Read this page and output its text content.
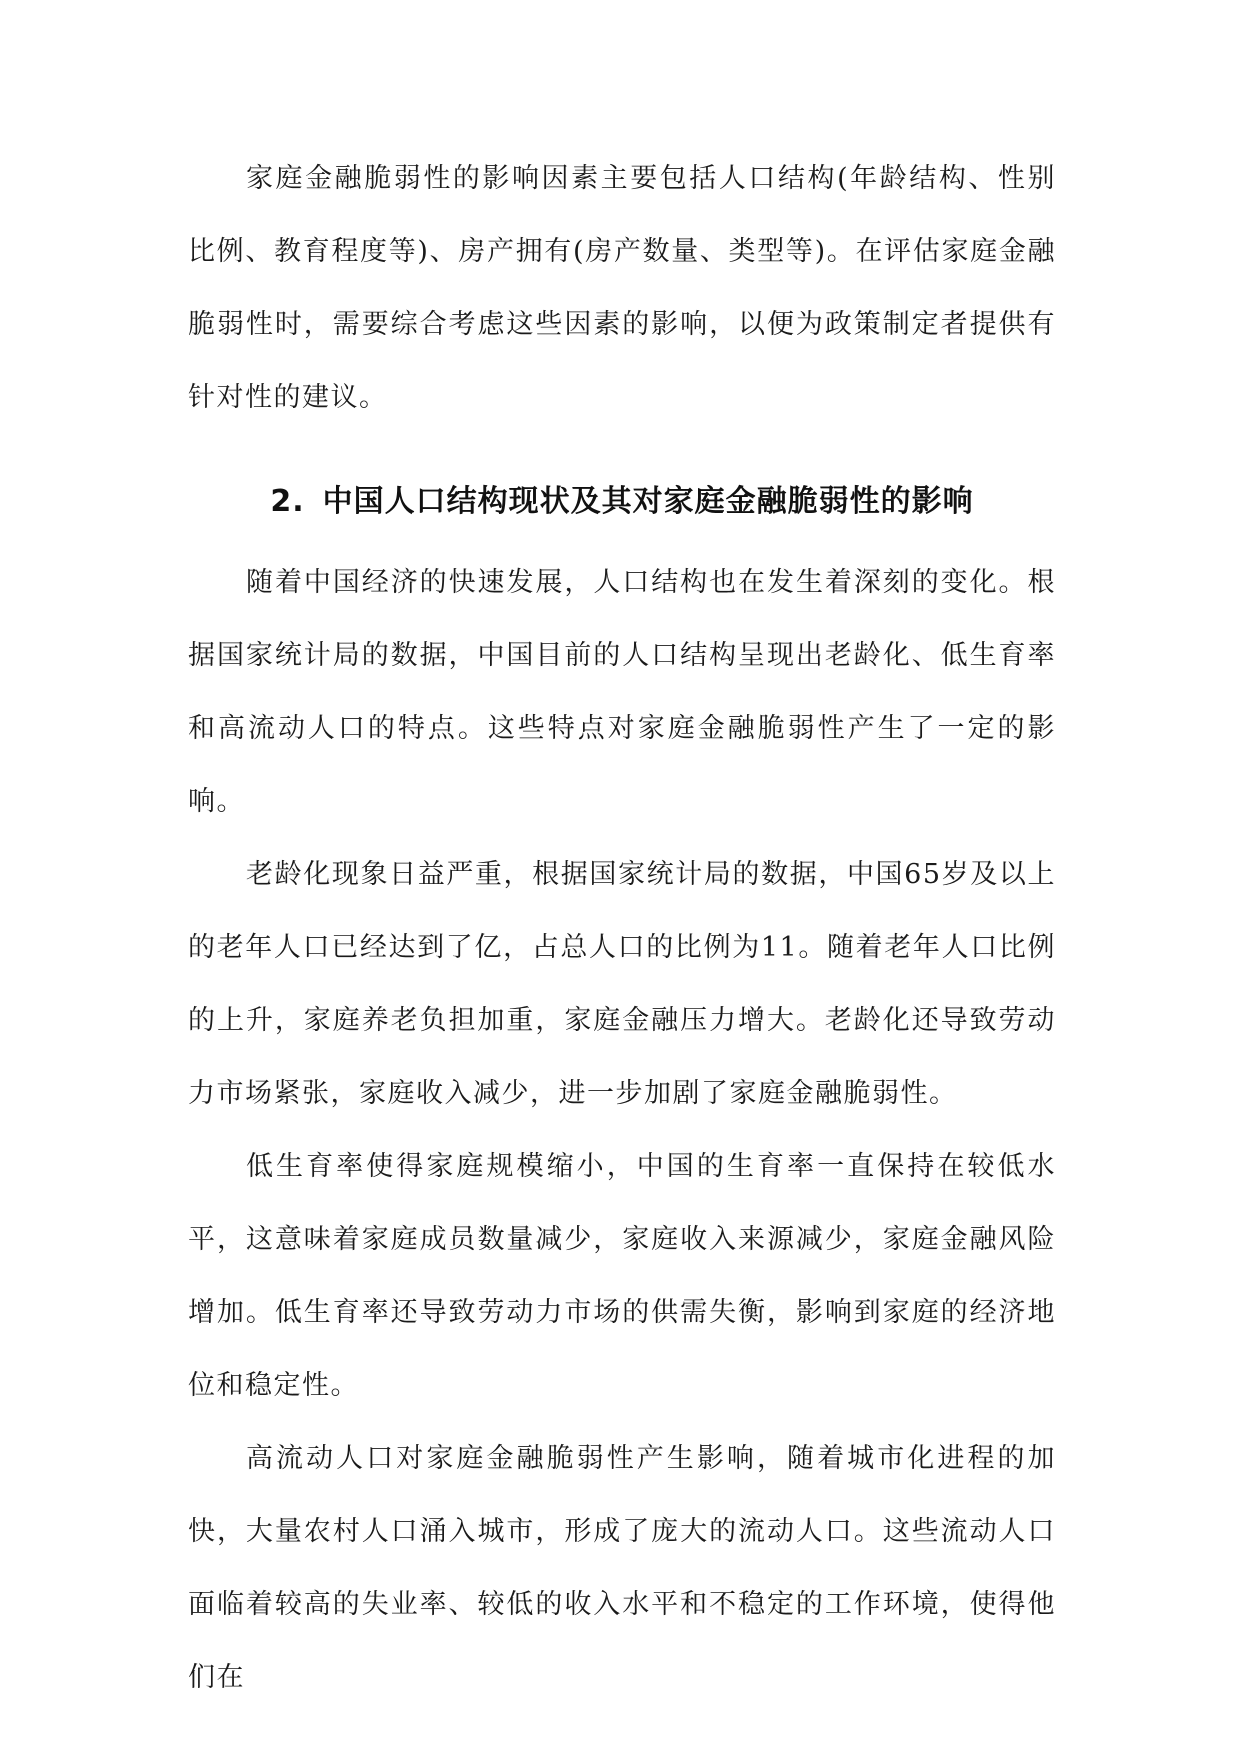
家庭金融脆弱性的影响因素主要包括人口结构(年龄结构、性别比例、教育程度等)、房产拥有(房产数量、类型等)。在评估家庭金融脆弱性时，需要综合考虑这些因素的影响，以便为政策制定者提供有针对性的建议。

2. 中国人口结构现状及其对家庭金融脆弱性的影响

随着中国经济的快速发展，人口结构也在发生着深刻的变化。根据国家统计局的数据，中国目前的人口结构呈现出老龄化、低生育率和高流动人口的特点。这些特点对家庭金融脆弱性产生了一定的影响。

老龄化现象日益严重，根据国家统计局的数据，中国65岁及以上的老年人口已经达到了亿，占总人口的比例为11。随着老年人口比例的上升，家庭养老负担加重，家庭金融压力增大。老龄化还导致劳动力市场紧张，家庭收入减少，进一步加剧了家庭金融脆弱性。

低生育率使得家庭规模缩小，中国的生育率一直保持在较低水平，这意味着家庭成员数量减少，家庭收入来源减少，家庭金融风险增加。低生育率还导致劳动力市场的供需失衡，影响到家庭的经济地位和稳定性。

高流动人口对家庭金融脆弱性产生影响，随着城市化进程的加快，大量农村人口涌入城市，形成了庞大的流动人口。这些流动人口面临着较高的失业率、较低的收入水平和不稳定的工作环境，使得他们在
